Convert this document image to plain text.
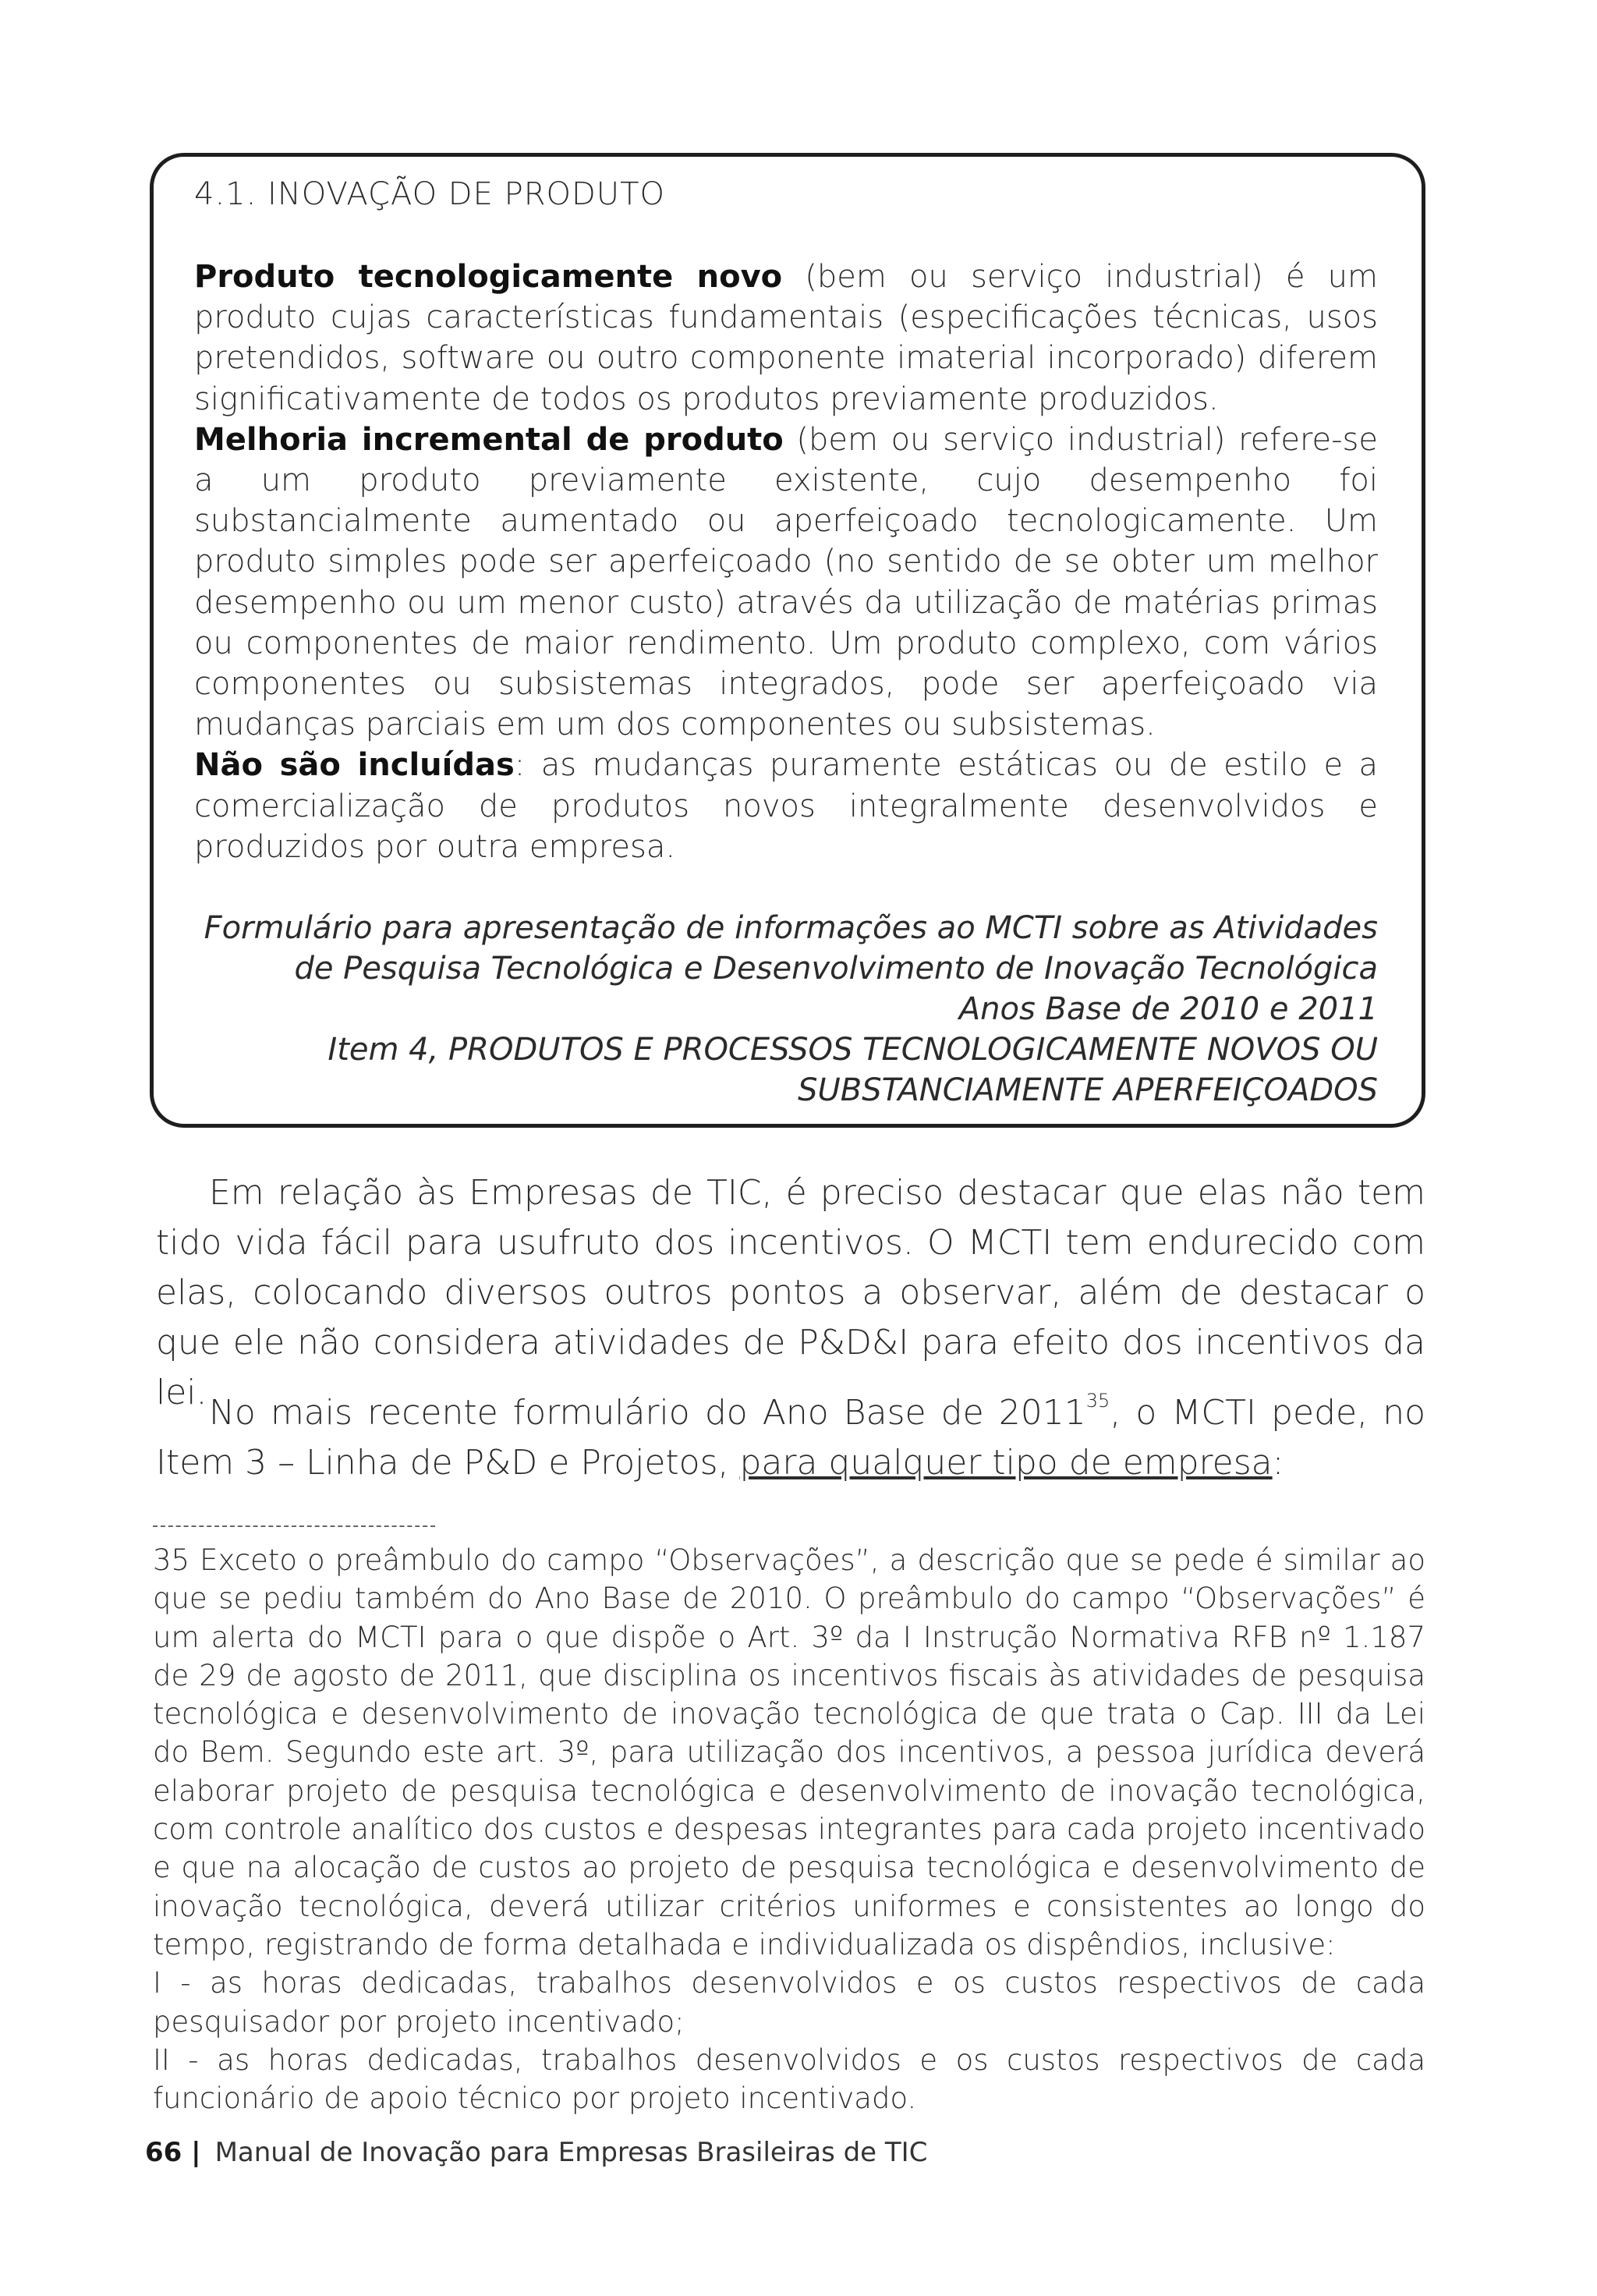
4.1. INOVAÇÃO DE PRODUTO

Produto tecnologicamente novo (bem ou serviço industrial) é um produto cujas características fundamentais (especificações técnicas, usos pretendidos, software ou outro componente imaterial incorporado) diferem significativamente de todos os produtos previamente produzidos.
Melhoria incremental de produto (bem ou serviço industrial) refere-se a um produto previamente existente, cujo desempenho foi substancialmente aumentado ou aperfeiçoado tecnologicamente. Um produto simples pode ser aperfeiçoado (no sentido de se obter um melhor desempenho ou um menor custo) através da utilização de matérias primas ou componentes de maior rendimento. Um produto complexo, com vários componentes ou subsistemas integrados, pode ser aperfeiçoado via mudanças parciais em um dos componentes ou subsistemas.
Não são incluídas: as mudanças puramente estáticas ou de estilo e a comercialização de produtos novos integralmente desenvolvidos e produzidos por outra empresa.

Formulário para apresentação de informações ao MCTI sobre as Atividades
de Pesquisa Tecnológica e Desenvolvimento de Inovação Tecnológica
Anos Base de 2010 e 2011
Item 4, PRODUTOS E PROCESSOS TECNOLOGICAMENTE NOVOS OU
SUBSTANCIAMENTE APERFEIÇOADOS

Em relação às Empresas de TIC, é preciso destacar que elas não tem tido vida fácil para usufruto dos incentivos. O MCTI tem endurecido com elas, colocando diversos outros pontos a observar, além de destacar o que ele não considera atividades de P&D&I para efeito dos incentivos da lei.

No mais recente formulário do Ano Base de 2011$^{35}$, o MCTI pede, no Item 3 – Linha de P&D e Projetos, para qualquer tipo de empresa:

35 Exceto o preâmbulo do campo “Observações”, a descrição que se pede é similar ao que se pediu também do Ano Base de 2010. O preâmbulo do campo “Observações” é um alerta do MCTI para o que dispõe o Art. 3º da I Instrução Normativa RFB nº 1.187 de 29 de agosto de 2011, que disciplina os incentivos fiscais às atividades de pesquisa tecnológica e desenvolvimento de inovação tecnológica de que trata o Cap. III da Lei do Bem. Segundo este art. 3º, para utilização dos incentivos, a pessoa jurídica deverá elaborar projeto de pesquisa tecnológica e desenvolvimento de inovação tecnológica, com controle analítico dos custos e despesas integrantes para cada projeto incentivado e que na alocação de custos ao projeto de pesquisa tecnológica e desenvolvimento de inovação tecnológica, deverá utilizar critérios uniformes e consistentes ao longo do tempo, registrando de forma detalhada e individualizada os dispêndios, inclusive:
I - as horas dedicadas, trabalhos desenvolvidos e os custos respectivos de cada pesquisador por projeto incentivado;
II - as horas dedicadas, trabalhos desenvolvidos e os custos respectivos de cada funcionário de apoio técnico por projeto incentivado.

66 | Manual de Inovação para Empresas Brasileiras de TIC
